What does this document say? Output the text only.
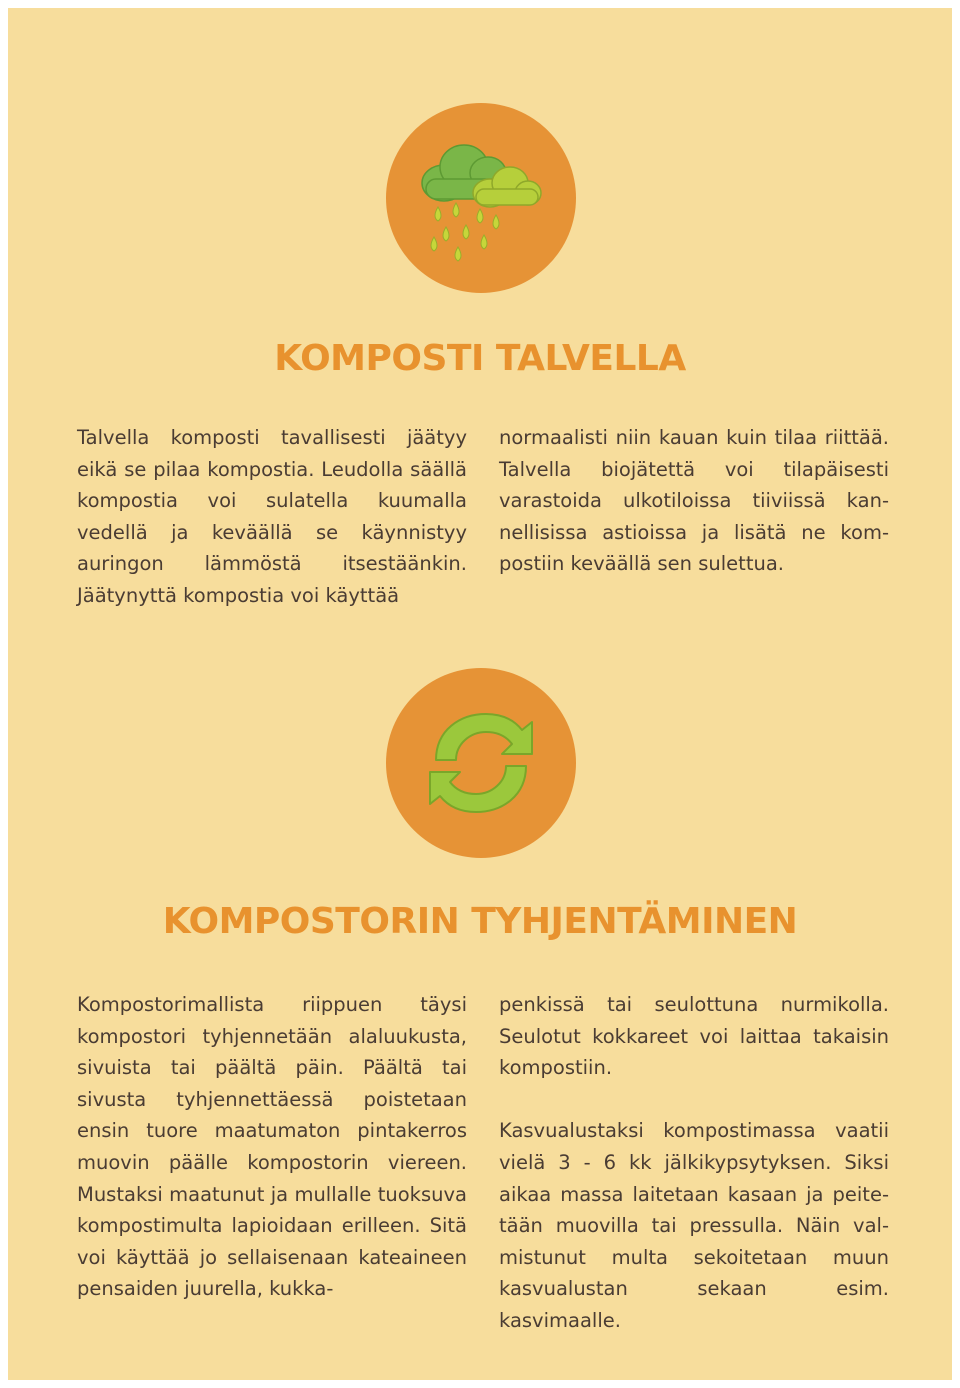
KOMPOSTI TALVELLA

Talvella komposti tavallisesti jäätyy eikä se pilaa kompostia. Leudolla säällä kompostia voi sulatella kuumalla vedellä ja keväällä se käynnistyy auringon lämmöstä itsestäänkin. Jäätynyttä kompostia voi käyttää

normaalisti niin kauan kuin tilaa riittää. Talvella biojätettä voi tilapäisesti varastoida ulkotiloissa tiiviissä kannellisissa astioissa ja lisätä ne kompostiin keväällä sen sulettua.

KOMPOSTORIN TYHJENTÄMINEN

Kompostorimallista riippuen täysi kompostori tyhjennetään alaluukusta, sivuista tai päältä päin. Päältä tai sivusta tyhjennettäessä poistetaan ensin tuore maatumaton pintakerros muovin päälle kompostorin viereen. Mustaksi maatunut ja mullalle tuoksuva kompostimulta lapioidaan erilleen. Sitä voi käyttää jo sellaisenaan kateaineen pensaiden juurella, kukka-

penkissä tai seulottuna nurmikolla. Seulotut kokkareet voi laittaa takaisin kompostiin.

Kasvualustaksi kompostimassa vaatii vielä 3 - 6 kk jälkikypsytyksen. Siksi aikaa massa laitetaan kasaan ja peitetään muovilla tai pressulla. Näin valmistunut multa sekoitetaan muun kasvualustan sekaan esim. kasvimaalle.
